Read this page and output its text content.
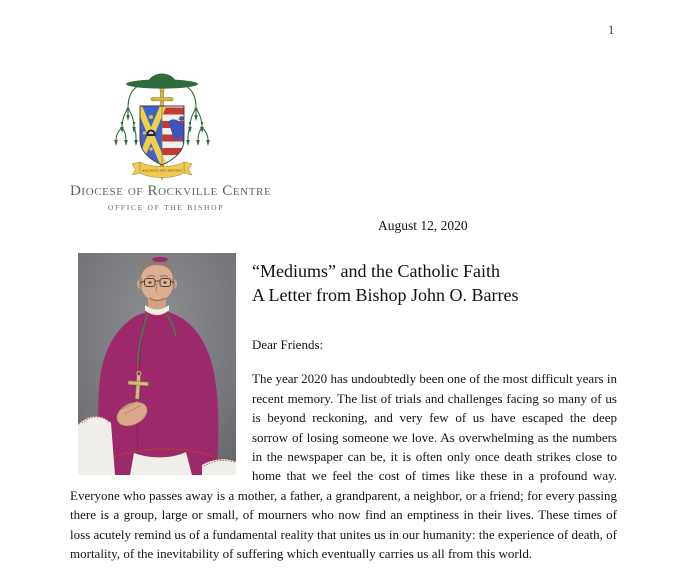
1
HOLINESS AND MISSION
Diocese of Rockville Centre
OFFICE OF THE BISHOP
August 12, 2020
“Mediums” and the Catholic Faith
A Letter from Bishop John O. Barres

Dear Friends:

The year 2020 has undoubtedly been one of the most difficult years in recent memory. The list of trials and challenges facing so many of us is beyond reckoning, and very few of us have escaped the deep sorrow of losing someone we love. As overwhelming as the numbers in the newspaper can be, it is often only once death strikes close to home that we feel the cost of times like these in a profound way. Everyone who passes away is a mother, a father, a grandparent, a neighbor, or a friend; for every passing there is a group, large or small, of mourners who now find an emptiness in their lives. These times of loss acutely remind us of a fundamental reality that unites us in our humanity: the experience of death, of mortality, of the inevitability of suffering which eventually carries us all from this world.
